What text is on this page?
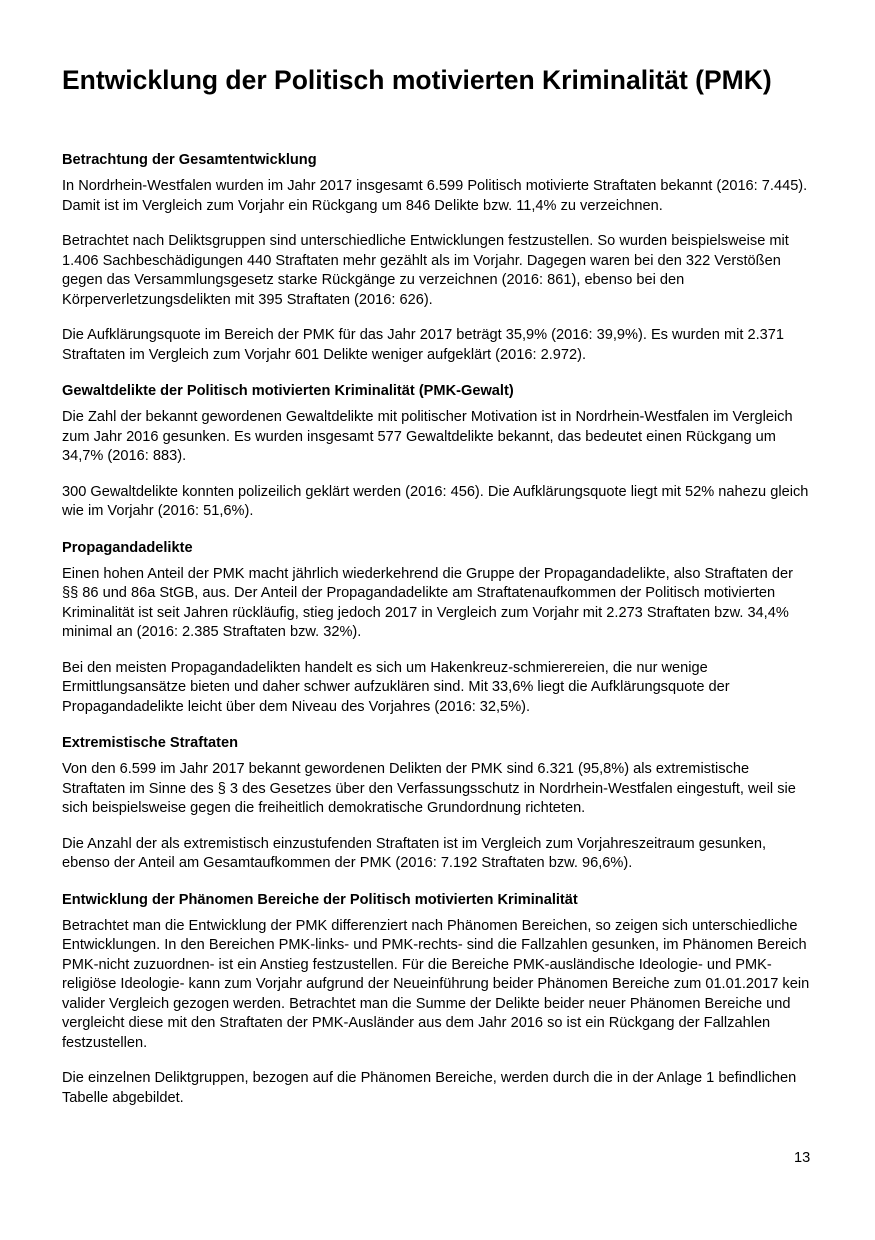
Entwicklung der Politisch motivierten Kriminalität (PMK)
Betrachtung der Gesamtentwicklung

In Nordrhein-Westfalen wurden im Jahr 2017 insgesamt 6.599 Politisch motivierte Straftaten bekannt (2016: 7.445). Damit ist im Vergleich zum Vorjahr ein Rückgang um 846 Delikte bzw. 11,4% zu verzeichnen.

Betrachtet nach Deliktsgruppen sind unterschiedliche Entwicklungen festzustellen. So wurden beispielsweise mit 1.406 Sachbeschädigungen 440 Straftaten mehr gezählt als im Vorjahr. Dagegen waren bei den 322 Verstößen gegen das Versammlungsgesetz starke Rückgänge zu verzeichnen (2016: 861), ebenso bei den Körperverletzungsdelikten mit 395 Straftaten (2016: 626).

Die Aufklärungsquote im Bereich der PMK für das Jahr 2017 beträgt 35,9% (2016: 39,9%). Es wurden mit 2.371 Straftaten im Vergleich zum Vorjahr 601 Delikte weniger aufgeklärt (2016: 2.972).

Gewaltdelikte der Politisch motivierten Kriminalität (PMK-Gewalt)

Die Zahl der bekannt gewordenen Gewaltdelikte mit politischer Motivation ist in Nordrhein-Westfalen im Vergleich zum Jahr 2016 gesunken. Es wurden insgesamt 577 Gewaltdelikte bekannt, das bedeutet einen Rückgang um 34,7% (2016: 883).

300 Gewaltdelikte konnten polizeilich geklärt werden (2016: 456). Die Aufklärungsquote liegt mit 52% nahezu gleich wie im Vorjahr (2016: 51,6%).

Propagandadelikte

Einen hohen Anteil der PMK macht jährlich wiederkehrend die Gruppe der Propagandadelikte, also Straftaten der §§ 86 und 86a StGB, aus. Der Anteil der Propagandadelikte am Straftatenaufkommen der Politisch motivierten Kriminalität ist seit Jahren rückläufig, stieg jedoch 2017 in Vergleich zum Vorjahr mit 2.273 Straftaten bzw. 34,4% minimal an (2016: 2.385 Straftaten bzw. 32%).

Bei den meisten Propagandadelikten handelt es sich um Hakenkreuz-schmierereien, die nur wenige Ermittlungsansätze bieten und daher schwer aufzuklären sind. Mit 33,6% liegt die Aufklärungsquote der Propagandadelikte leicht über dem Niveau des Vorjahres (2016: 32,5%).

Extremistische Straftaten

Von den 6.599 im Jahr 2017 bekannt gewordenen Delikten der PMK sind 6.321 (95,8%) als extremistische Straftaten im Sinne des § 3 des Gesetzes über den Verfassungsschutz in Nordrhein-Westfalen eingestuft, weil sie sich beispielsweise gegen die freiheitlich demokratische Grundordnung richteten.

Die Anzahl der als extremistisch einzustufenden Straftaten ist im Vergleich zum Vorjahreszeitraum gesunken, ebenso der Anteil am Gesamtaufkommen der PMK (2016: 7.192 Straftaten bzw. 96,6%).

Entwicklung der Phänomen Bereiche der Politisch motivierten Kriminalität

Betrachtet man die Entwicklung der PMK differenziert nach Phänomen Bereichen, so zeigen sich unterschiedliche Entwicklungen. In den Bereichen PMK-links- und PMK-rechts- sind die Fallzahlen gesunken, im Phänomen Bereich PMK-nicht zuzuordnen- ist ein Anstieg festzustellen. Für die Bereiche PMK-ausländische Ideologie- und PMK-religiöse Ideologie- kann zum Vorjahr aufgrund der Neueinführung beider Phänomen Bereiche zum 01.01.2017 kein valider Vergleich gezogen werden. Betrachtet man die Summe der Delikte beider neuer Phänomen Bereiche und vergleicht diese mit den Straftaten der PMK-Ausländer aus dem Jahr 2016 so ist ein Rückgang der Fallzahlen festzustellen.

Die einzelnen Deliktgruppen, bezogen auf die Phänomen Bereiche, werden durch die in der Anlage 1 befindlichen Tabelle abgebildet.

13
